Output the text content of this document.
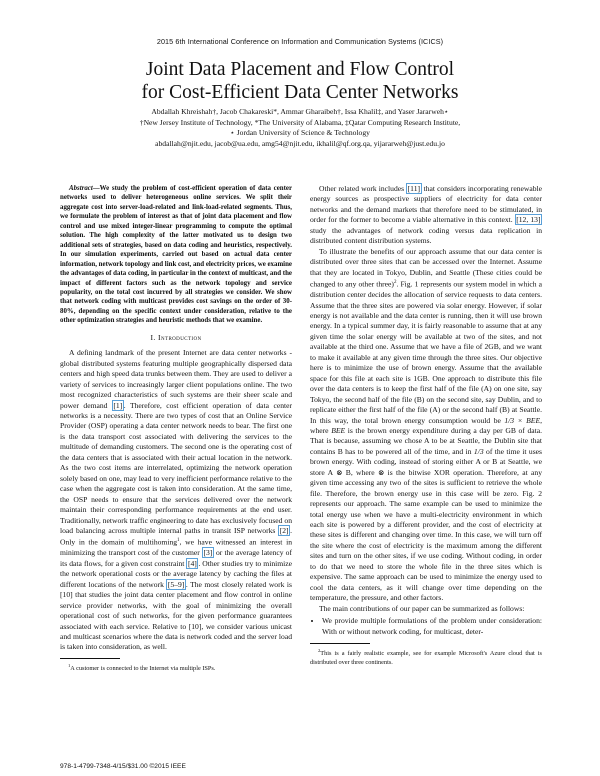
2015 6th International Conference on Information and Communication Systems (ICICS)
Joint Data Placement and Flow Control
for Cost-Efficient Data Center Networks
Abdallah Khreishah†, Jacob Chakareski*, Ammar Gharaibeh†, Issa Khalil‡, and Yaser Jararweh⋆
†New Jersey Institute of Technology, *The University of Alabama, ‡Qatar Computing Research Institute,
⋆ Jordan University of Science & Technology
abdallah@njit.edu, jacob@ua.edu, amg54@njit.edu, ikhalil@qf.org.qa, yijararweh@just.edu.jo

Abstract—We study the problem of cost-efficient operation of data center networks used to deliver heterogeneous online services. We split their aggregate cost into server-load-related and link-load-related segments. Thus, we formulate the problem of interest as that of joint data placement and flow control and use mixed integer-linear programming to compute the optimal solution. The high complexity of the latter motivated us to design two additional sets of strategies, based on data coding and heuristics, respectively. In our simulation experiments, carried out based on actual data center information, network topology and link cost, and electricity prices, we examine the advantages of data coding, in particular in the context of multicast, and the impact of different factors such as the network topology and service popularity, on the total cost incurred by all strategies we consider. We show that network coding with multicast provides cost savings on the order of 30-80%, depending on the specific context under consideration, relative to the other optimization strategies and heuristic methods that we examine.

I. Introduction

A defining landmark of the present Internet are data center networks - global distributed systems featuring multiple geographically dispersed data centers and high speed data trunks between them. They are used to deliver a variety of services to increasingly larger client populations online. The two most recognized characteristics of such systems are their sheer scale and power demand [1] . Therefore, cost efficient operation of data center networks is a necessity. There are two types of cost that an Online Service Provider (OSP) operating a data center network needs to bear. The first one is the data transport cost associated with delivering the services to the multitude of demanding customers. The second one is the operating cost of the data centers that is associated with their actual location in the network. As the two cost items are interrelated, optimizing the network operation solely based on one, may lead to very inefficient performance relative to the case when the aggregate cost is taken into consideration. At the same time, the OSP needs to ensure that the services delivered over the network maintain their corresponding performance requirements at the end user. Traditionally, network traffic engineering to date has exclusively focused on load balancing across multiple internal paths in transit ISP networks [2] . Only in the domain of multihoming$^1$, we have witnessed an interest in minimizing the transport cost of the customer [3] or the average latency of its data flows, for a given cost constraint [4] . Other studies try to minimize the network operational costs or the average latency by caching the files at different locations of the network [5–9] . The most closely related work is [10] that studies the joint data center placement and flow control in online service provider networks, with the goal of minimizing the overall operational cost of such networks, for the given performance guarantees associated with each service. Relative to [10], we consider various unicast and multicast scenarios where the data is network coded and the server load is taken into consideration, as well.

$^1$A customer is connected to the Internet via multiple ISPs.

Other related work includes [11] that considers incorporating renewable energy sources as prospective suppliers of electricity for data center networks and the demand markets that therefore need to be stimulated, in order for the former to become a viable alternative in this context. [12, 13] study the advantages of network coding versus data replication in distributed content distribution systems.

To illustrate the benefits of our approach assume that our data center is distributed over three sites that can be accessed over the Internet. Assume that they are located in Tokyo, Dublin, and Seattle (These cities could be changed to any other three)$^2$. Fig. 1 represents our system model in which a distribution center decides the allocation of service requests to data centers. Assume that the three sites are powered via solar energy. However, if solar energy is not available and the data center is running, then it will use brown energy. In a typical summer day, it is fairly reasonable to assume that at any given time the solar energy will be available at two of the sites, and not available at the third one. Assume that we have a file of 2GB, and we want to make it available at any given time through the three sites. Our objective here is to minimize the use of brown energy. Assume that the available space for this file at each site is 1GB. One approach to distribute this file over the data centers is to keep the first half of the file (A) on one site, say Tokyo, the second half of the file (B) on the second site, say Dublin, and to replicate either the first half of the file (A) or the second half (B) at Seattle. In this way, the total brown energy consumption would be 1/3 × BEE, where BEE is the brown energy expenditure during a day per GB of data. That is because, assuming we chose A to be at Seattle, the Dublin site that contains B has to be powered all of the time, and in 1/3 of the time it uses brown energy. With coding, instead of storing either A or B at Seattle, we store A ⊗ B, where ⊗ is the bitwise XOR operation. Therefore, at any given time accessing any two of the sites is sufficient to retrieve the whole file. Therefore, the brown energy use in this case will be zero. Fig. 2 represents our approach. The same example can be used to minimize the total energy use when we have a multi-electricity environment in which each site is powered by a different provider, and the cost of electricity at these sites is different and changing over time. In this case, we will turn off the site where the cost of electricity is the maximum among the different sites and turn on the other sites, if we use coding. Without coding, in order to do that we need to store the whole file in the three sites which is expensive. The same approach can be used to minimize the energy used to cool the data centers, as it will change over time depending on the temperature, the pressure, and other factors.

The main contributions of our paper can be summarized as follows:

• We provide multiple formulations of the problem under consideration: With or without network coding, for multicast, deter-

$^2$This is a fairly realistic example, see for example Microsoft's Azure cloud that is distributed over three continents.

978-1-4799-7348-4/15/$31.00 ©2015 IEEE
